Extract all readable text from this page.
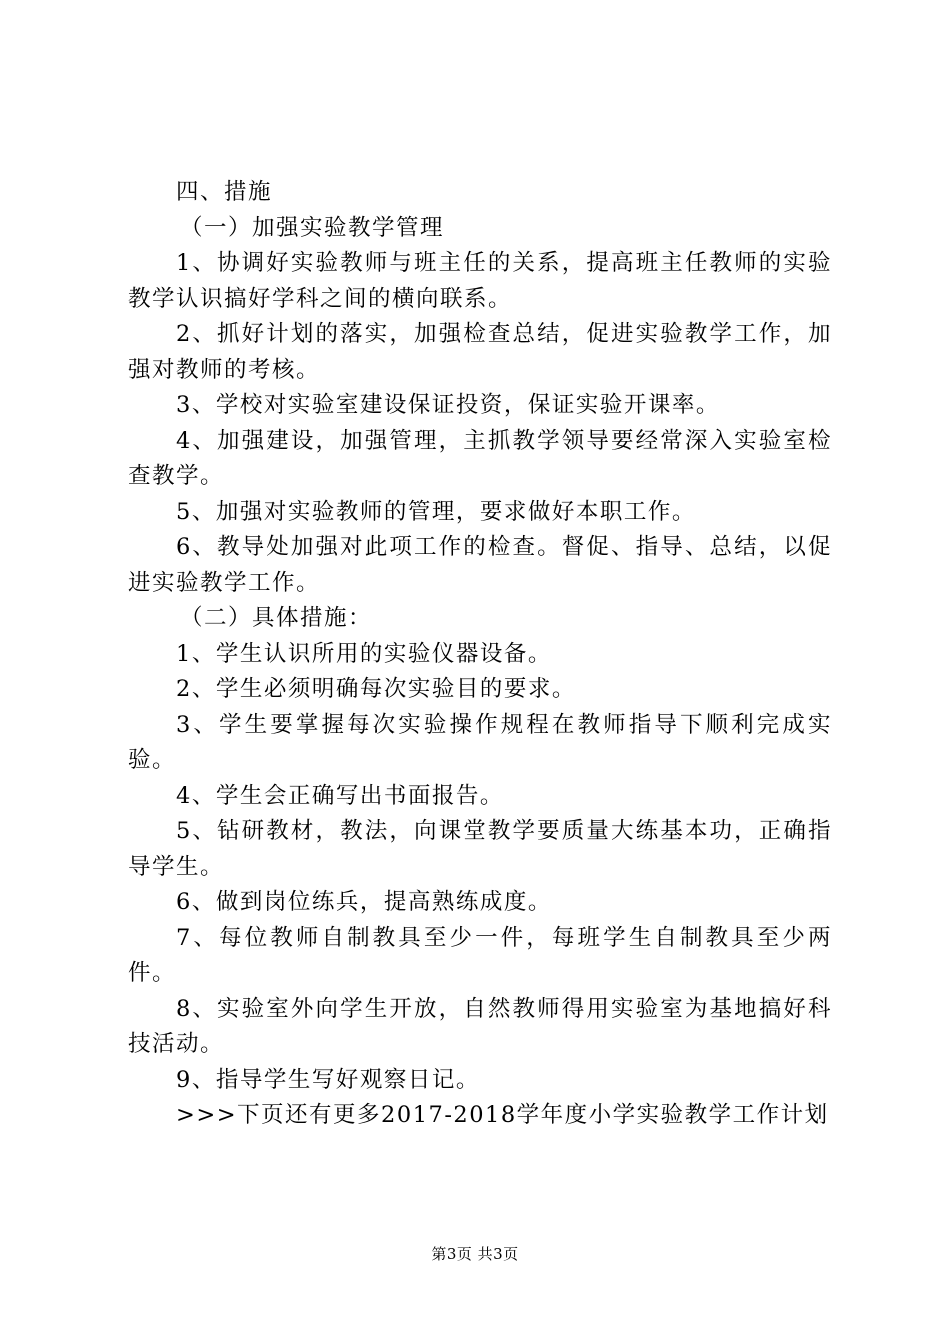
四、措施

（一）加强实验教学管理

1、协调好实验教师与班主任的关系，提高班主任教师的实验教学认识搞好学科之间的横向联系。

2、抓好计划的落实，加强检查总结，促进实验教学工作，加强对教师的考核。

3、学校对实验室建设保证投资，保证实验开课率。

4、加强建设，加强管理，主抓教学领导要经常深入实验室检查教学。

5、加强对实验教师的管理，要求做好本职工作。

6、教导处加强对此项工作的检查。督促、指导、总结，以促进实验教学工作。

（二）具体措施：

1、学生认识所用的实验仪器设备。

2、学生必须明确每次实验目的要求。

3、学生要掌握每次实验操作规程在教师指导下顺利完成实验。

4、学生会正确写出书面报告。

5、钻研教材，教法，向课堂教学要质量大练基本功，正确指导学生。

6、做到岗位练兵，提高熟练成度。

7、每位教师自制教具至少一件，每班学生自制教具至少两件。

8、实验室外向学生开放，自然教师得用实验室为基地搞好科技活动。

9、指导学生写好观察日记。

>>>下页还有更多2017-2018学年度小学实验教学工作计划

第3页 共3页
